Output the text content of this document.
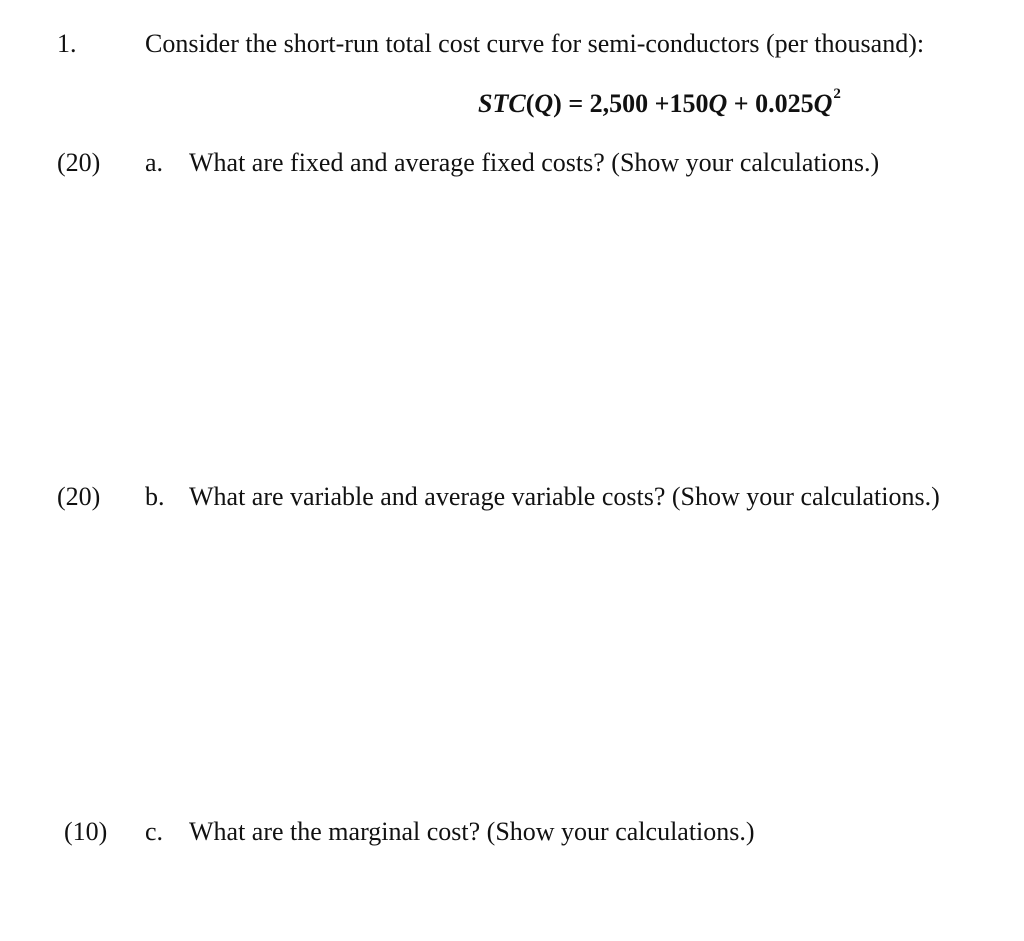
1.	Consider the short-run total cost curve for semi-conductors (per thousand):
$STC(Q) = 2,500 +150Q + 0.025Q^2$
(20) a. What are fixed and average fixed costs? (Show your calculations.)
(20) b. What are variable and average variable costs? (Show your calculations.)
(10) c. What are the marginal cost? (Show your calculations.)
